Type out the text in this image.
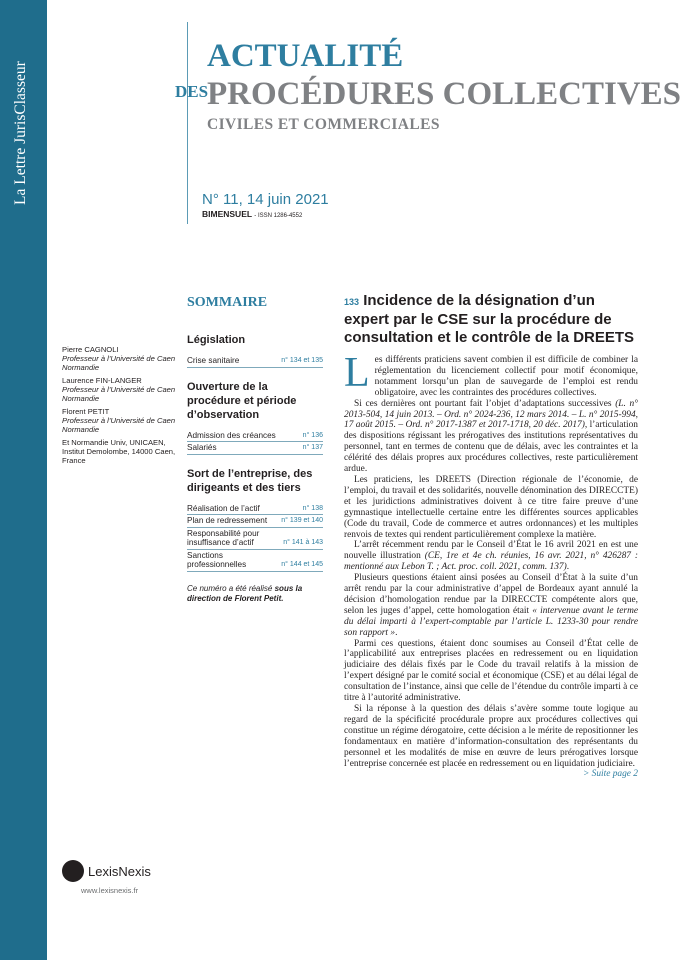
La Lettre JurisClasseur
ACTUALITÉ
DES
PROCÉDURES COLLECTIVES
CIVILES ET COMMERCIALES
N° 11, 14 juin 2021
BIMENSUEL - ISSN 1286-4552
Pierre CAGNOLI
Professeur à l’Université de Caen Normandie
Laurence FIN-LANGER
Professeur à l’Université de Caen Normandie
Florent PETIT
Professeur à l’Université de Caen Normandie
Et Normandie Univ, UNICAEN, Institut Demolombe, 14000 Caen, France
SOMMAIRE
Législation
Crise sanitaire	n° 134 et 135
Ouverture de la procédure et période d’observation
Admission des créances	n° 136
Salariés	n° 137
Sort de l’entreprise, des dirigeants et des tiers
Réalisation de l’actif	n° 138
Plan de redressement n° 139 et 140
Responsabilité pour insuffisance d’actif	n° 141 à 143
Sanctions professionnelles	n° 144 et 145
Ce numéro a été réalisé sous la direction de Florent Petit.
133 Incidence de la désignation d’un expert par le CSE sur la procédure de consultation et le contrôle de la DREETS

Les différents praticiens savent combien il est difficile de combiner la réglementation du licenciement collectif pour motif économique, notamment lorsqu’un plan de sauvegarde de l’emploi est rendu obligatoire, avec les contraintes des procédures collectives.

Si ces dernières ont pourtant fait l’objet d’adaptations successives (L. n° 2013-504, 14 juin 2013. – Ord. n° 2024-236, 12 mars 2014. – L. n° 2015-994, 17 août 2015. – Ord. n° 2017-1387 et 2017-1718, 20 déc. 2017), l’articulation des dispositions régissant les prérogatives des institutions représentatives du personnel, tant en termes de contenu que de délais, avec les contraintes et la célérité des délais propres aux procédures collectives, reste particulièrement ardue.

Les praticiens, les DREETS (Direction régionale de l’économie, de l’emploi, du travail et des solidarités, nouvelle dénomination des DIRECCTE) et les juridictions administratives doivent à ce titre faire preuve d’une gymnastique intellectuelle certaine entre les différentes sources applicables (Code du travail, Code de commerce et autres ordonnances) et les multiples renvois de textes qui rendent particulièrement complexe la matière.

L’arrêt récemment rendu par le Conseil d’État le 16 avril 2021 en est une nouvelle illustration (CE, 1re et 4e ch. réunies, 16 avr. 2021, n° 426287 : mentionné aux Lebon T. ; Act. proc. coll. 2021, comm. 137).

Plusieurs questions étaient ainsi posées au Conseil d’État à la suite d’un arrêt rendu par la cour administrative d’appel de Bordeaux ayant annulé la décision d’homologation rendue par la DIRECCTE compétente alors que, selon les juges d’appel, cette homologation était « intervenue avant le terme du délai imparti à l’expert-comptable par l’article L. 1233-30 pour rendre son rapport ».

Parmi ces questions, étaient donc soumises au Conseil d’État celle de l’applicabilité aux entreprises placées en redressement ou en liquidation judiciaire des délais fixés par le Code du travail relatifs à la mission de l’expert désigné par le comité social et économique (CSE) et au délai légal de consultation de l’instance, ainsi que celle de l’étendue du contrôle imparti à ce titre à l’autorité administrative.

Si la réponse à la question des délais s’avère somme toute logique au regard de la spécificité procédurale propre aux procédures collectives qui constitue un régime dérogatoire, cette décision a le mérite de repositionner les fondamentaux en matière d’information-consultation des représentants du personnel et les modalités de mise en œuvre de leurs prérogatives lorsque l’entreprise concernée est placée en redressement ou en liquidation judiciaire.
> Suite page 2

LexisNexis
www.lexisnexis.fr
